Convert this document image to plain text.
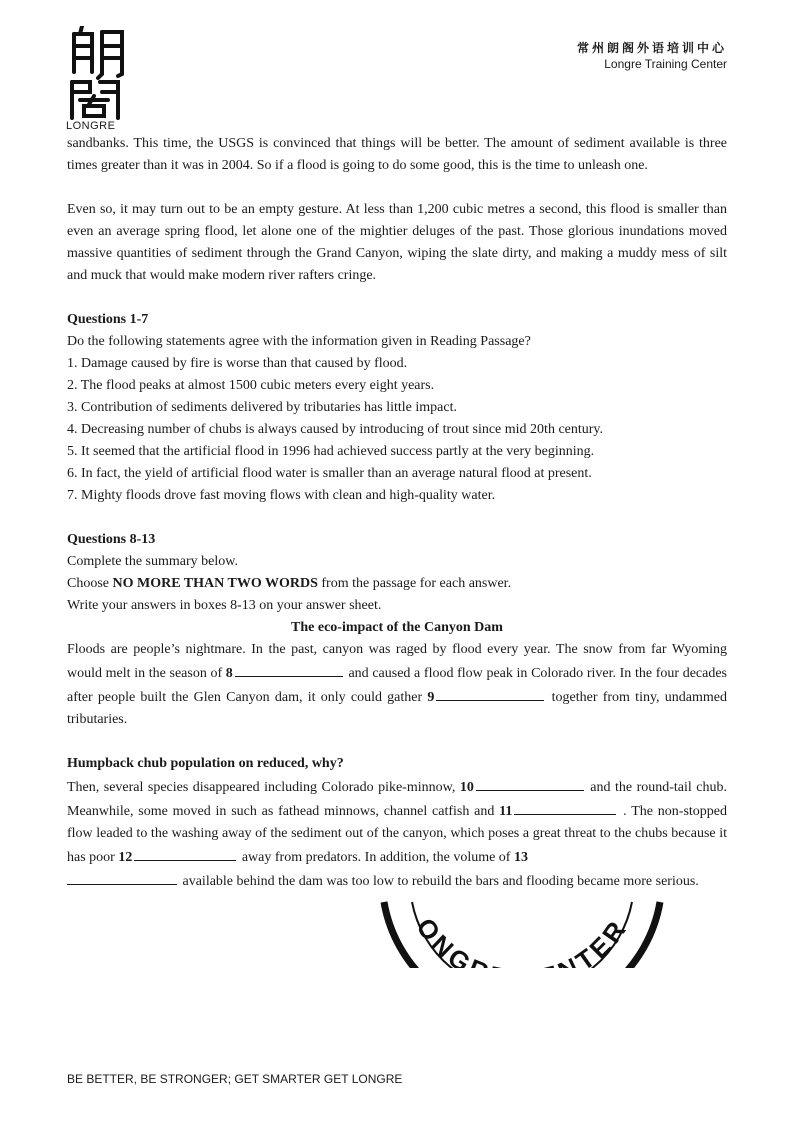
LONGRE
常州朗阁外语培训中心
Longre Training Center

sandbanks. This time, the USGS is convinced that things will be better. The amount of sediment available is three times greater than it was in 2004. So if a flood is going to do some good, this is the time to unleash one.

Even so, it may turn out to be an empty gesture. At less than 1,200 cubic metres a second, this flood is smaller than even an average spring flood, let alone one of the mightier deluges of the past. Those glorious inundations moved massive quantities of sediment through the Grand Canyon, wiping the slate dirty, and making a muddy mess of silt and muck that would make modern river rafters cringe.

Questions 1-7

Do the following statements agree with the information given in Reading Passage?

1. Damage caused by fire is worse than that caused by flood.

2. The flood peaks at almost 1500 cubic meters every eight years.

3. Contribution of sediments delivered by tributaries has little impact.

4. Decreasing number of chubs is always caused by introducing of trout since mid 20th century.

5. It seemed that the artificial flood in 1996 had achieved success partly at the very beginning.

6. In fact, the yield of artificial flood water is smaller than an average natural flood at present.

7. Mighty floods drove fast moving flows with clean and high-quality water.

Questions 8-13

Complete the summary below.

Choose NO MORE THAN TWO WORDS from the passage for each answer.

Write your answers in boxes 8-13 on your answer sheet.

The eco-impact of the Canyon Dam

Floods are people’s nightmare. In the past, canyon was raged by flood every year. The snow from far Wyoming would melt in the season of 8	and caused a flood flow peak in Colorado river. In the four decades after people built the Glen Canyon dam, it only could gather 9	together from tiny, undammed tributaries.

Humpback chub population on reduced, why?

Then, several species disappeared including Colorado pike-minnow, 10	and the round-tail chub. Meanwhile, some moved in such as fathead minnows, channel catfish and 11	. The non-stopped flow leaded to the washing away of the sediment out of the canyon, which poses a great threat to the chubs because it has poor 12	away from predators. In addition, the volume of 13
available behind the dam was too low to rebuild the bars and flooding became more serious.

ONG TER
BE BETTER, BE STRONGER; GET SMARTER GET LONGRE
